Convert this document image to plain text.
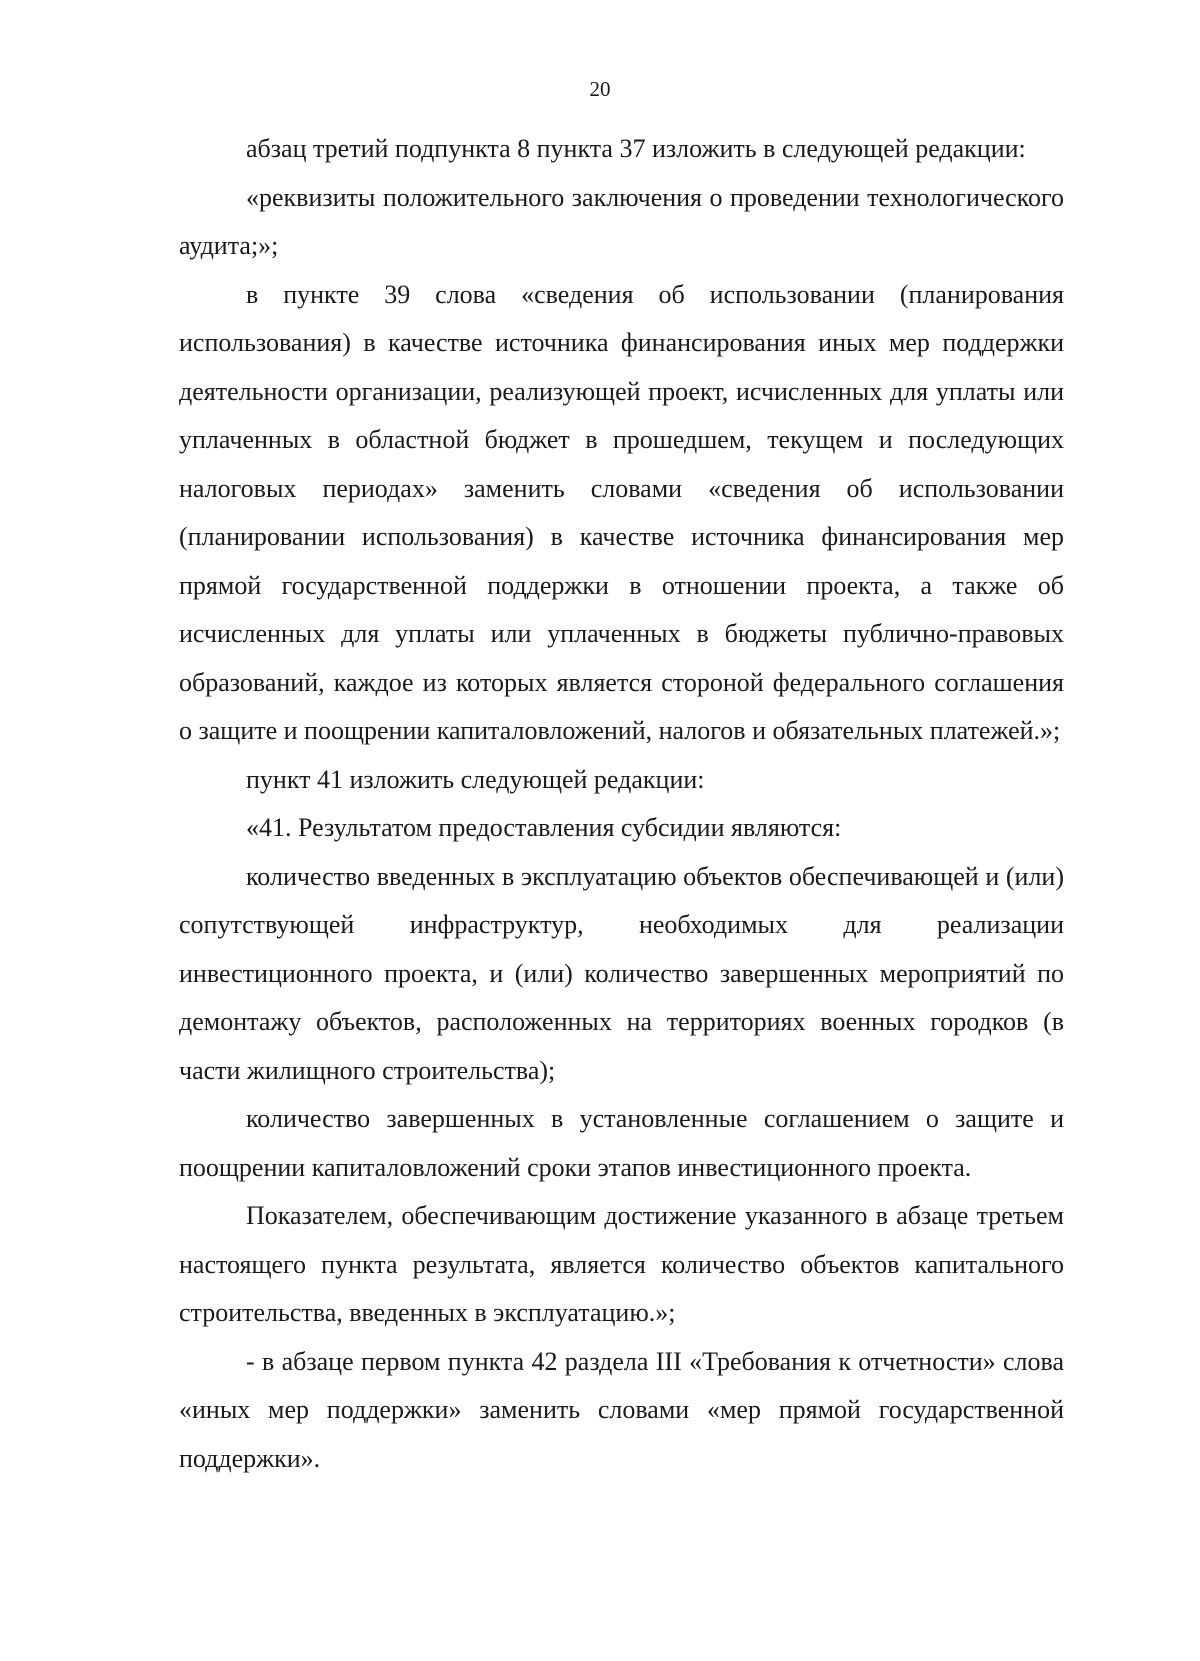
20

абзац третий подпункта 8 пункта 37 изложить в следующей редакции:

«реквизиты положительного заключения о проведении технологического аудита;»;

в пункте 39 слова «сведения об использовании (планирования использования) в качестве источника финансирования иных мер поддержки деятельности организации, реализующей проект, исчисленных для уплаты или уплаченных в областной бюджет в прошедшем, текущем и последующих налоговых периодах» заменить словами «сведения об использовании (планировании использования) в качестве источника финансирования мер прямой государственной поддержки в отношении проекта, а также об исчисленных для уплаты или уплаченных в бюджеты публично-правовых образований, каждое из которых является стороной федерального соглашения о защите и поощрении капиталовложений, налогов и обязательных платежей.»;

пункт 41 изложить следующей редакции:

«41. Результатом предоставления субсидии являются:

количество введенных в эксплуатацию объектов обеспечивающей и (или) сопутствующей инфраструктур, необходимых для реализации инвестиционного проекта, и (или) количество завершенных мероприятий по демонтажу объектов, расположенных на территориях военных городков (в части жилищного строительства);

количество завершенных в установленные соглашением о защите и поощрении капиталовложений сроки этапов инвестиционного проекта.

Показателем, обеспечивающим достижение указанного в абзаце третьем настоящего пункта результата, является количество объектов капитального строительства, введенных в эксплуатацию.»;

- в абзаце первом пункта 42 раздела III «Требования к отчетности» слова «иных мер поддержки» заменить словами «мер прямой государственной поддержки».
